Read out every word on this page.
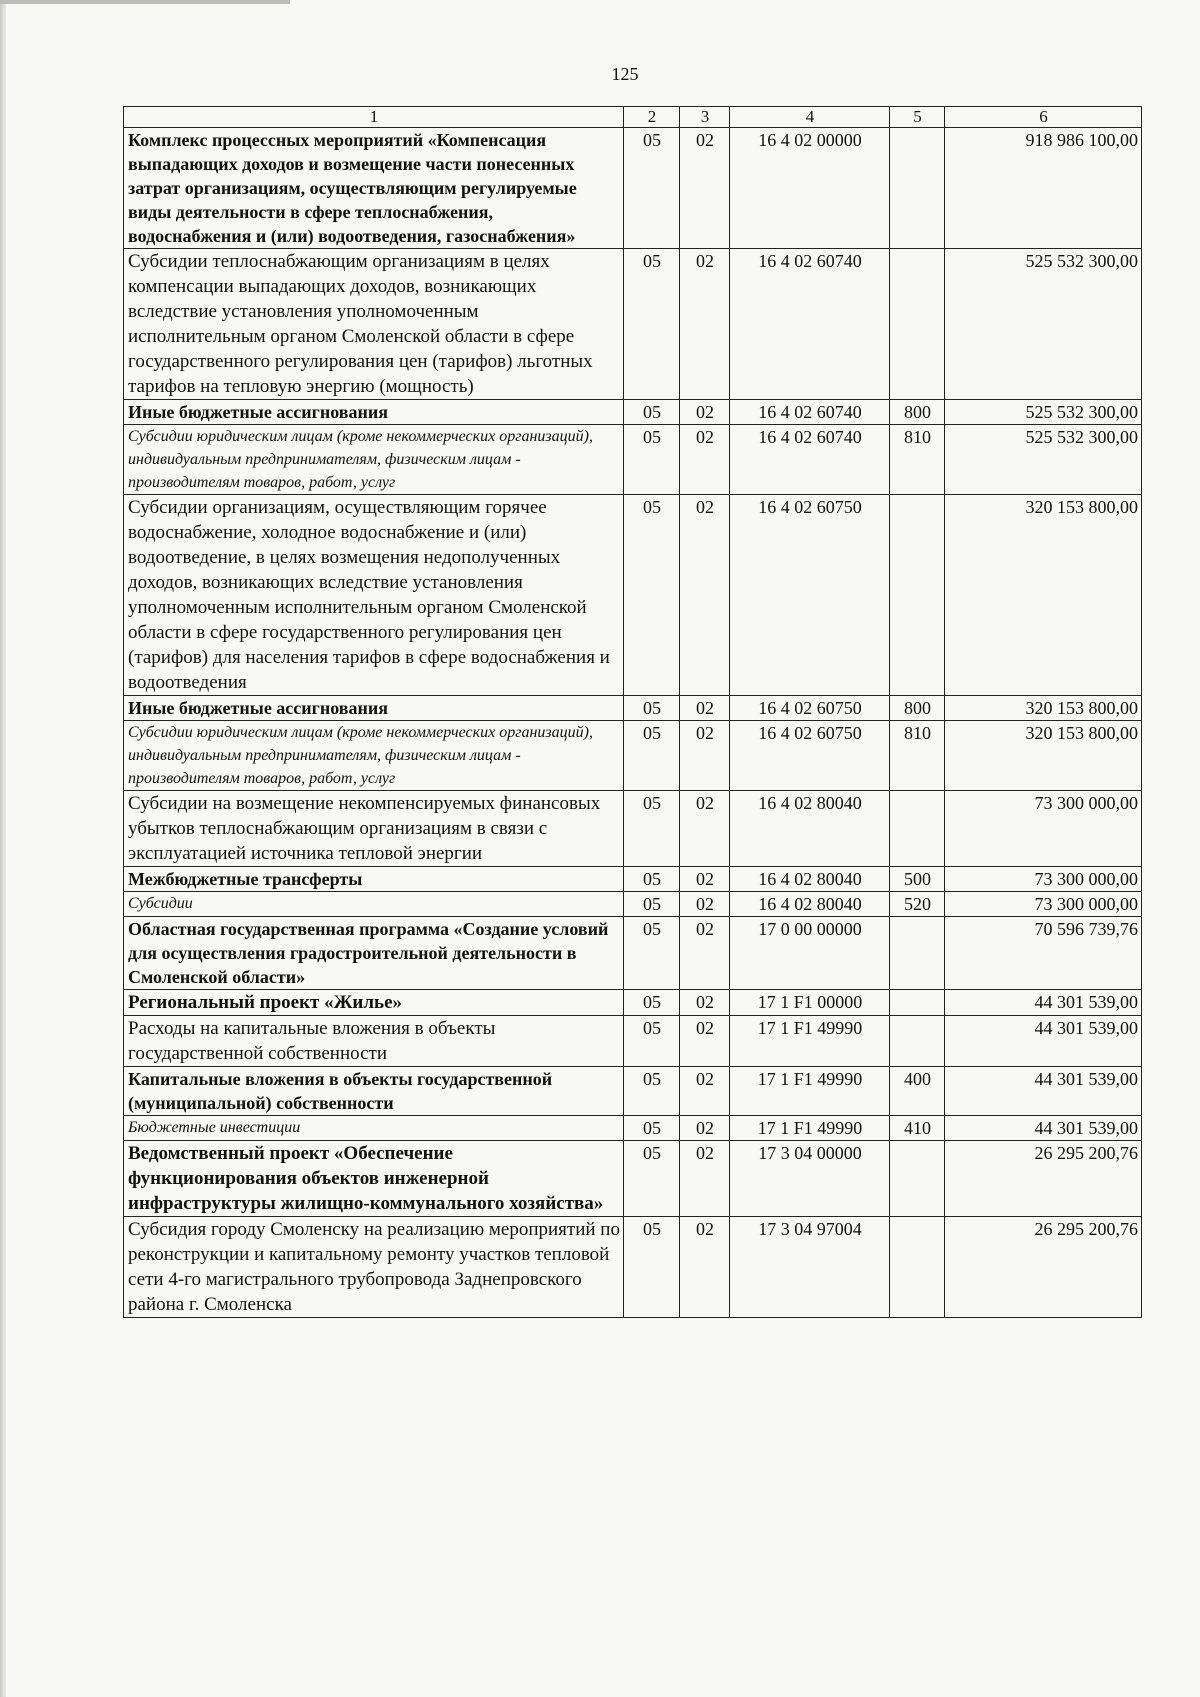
125
1	2	3	4	5	6
Комплекс процессных мероприятий «Компенсация выпадающих доходов и возмещение части понесенных затрат организациям, осуществляющим регулируемые виды деятельности в сфере теплоснабжения, водоснабжения и (или) водоотведения, газоснабжения»	05	02	16 4 02 00000		918 986 100,00
Субсидии теплоснабжающим организациям в целях компенсации выпадающих доходов, возникающих вследствие установления уполномоченным исполнительным органом Смоленской области в сфере государственного регулирования цен (тарифов) льготных тарифов на тепловую энергию (мощность)	05	02	16 4 02 60740		525 532 300,00
Иные бюджетные ассигнования	05	02	16 4 02 60740	800	525 532 300,00
Субсидии юридическим лицам (кроме некоммерческих организаций), индивидуальным предпринимателям, физическим лицам - производителям товаров, работ, услуг	05	02	16 4 02 60740	810	525 532 300,00
Субсидии организациям, осуществляющим горячее водоснабжение, холодное водоснабжение и (или) водоотведение, в целях возмещения недополученных доходов, возникающих вследствие установления уполномоченным исполнительным органом Смоленской области в сфере государственного регулирования цен (тарифов) для населения тарифов в сфере водоснабжения и водоотведения	05	02	16 4 02 60750		320 153 800,00
Иные бюджетные ассигнования	05	02	16 4 02 60750	800	320 153 800,00
Субсидии юридическим лицам (кроме некоммерческих организаций), индивидуальным предпринимателям, физическим лицам - производителям товаров, работ, услуг	05	02	16 4 02 60750	810	320 153 800,00
Субсидии на возмещение некомпенсируемых финансовых убытков теплоснабжающим организациям в связи с эксплуатацией источника тепловой энергии	05	02	16 4 02 80040		73 300 000,00
Межбюджетные трансферты	05	02	16 4 02 80040	500	73 300 000,00
Субсидии	05	02	16 4 02 80040	520	73 300 000,00
Областная государственная программа «Создание условий для осуществления градостроительной деятельности в Смоленской области»	05	02	17 0 00 00000		70 596 739,76
Региональный проект «Жилье»	05	02	17 1 F1 00000		44 301 539,00
Расходы на капитальные вложения в объекты государственной собственности	05	02	17 1 F1 49990		44 301 539,00
Капитальные вложения в объекты государственной (муниципальной) собственности	05	02	17 1 F1 49990	400	44 301 539,00
Бюджетные инвестиции	05	02	17 1 F1 49990	410	44 301 539,00
Ведомственный проект «Обеспечение функционирования объектов инженерной инфраструктуры жилищно-коммунального хозяйства»	05	02	17 3 04 00000		26 295 200,76
Субсидия городу Смоленску на реализацию мероприятий по реконструкции и капитальному ремонту участков тепловой сети 4-го магистрального трубопровода Заднепровского района г. Смоленска	05	02	17 3 04 97004		26 295 200,76
